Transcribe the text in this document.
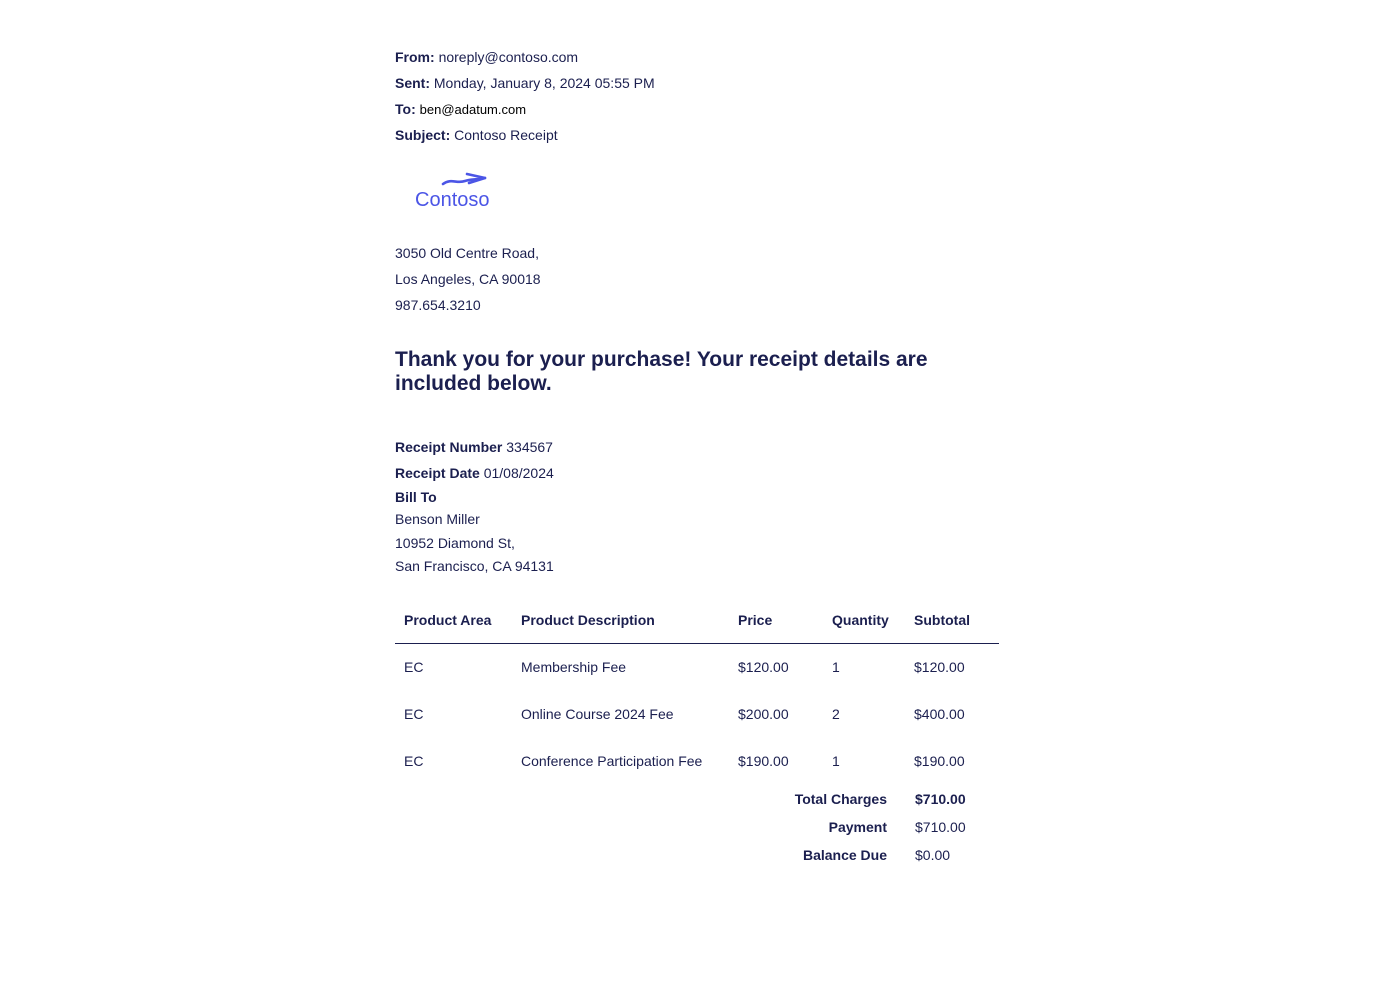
From: noreply@contoso.com
Sent: Monday, January 8, 2024 05:55 PM
To: ben@adatum.com
Subject: Contoso Receipt
Contoso
3050 Old Centre Road,
Los Angeles, CA 90018
987.654.3210
Thank you for your purchase! Your receipt details are included below.
Receipt Number 334567
Receipt Date 01/08/2024
Bill To
Benson Miller
10952 Diamond St,
San Francisco, CA 94131
Product Area	Product Description	Price	Quantity	Subtotal
EC	Membership Fee	$120.00	1	$120.00
EC	Online Course 2024 Fee	$200.00	2	$400.00
EC	Conference Participation Fee	$190.00	1	$190.00
Total Charges	$710.00
Payment	$710.00
Balance Due	$0.00
